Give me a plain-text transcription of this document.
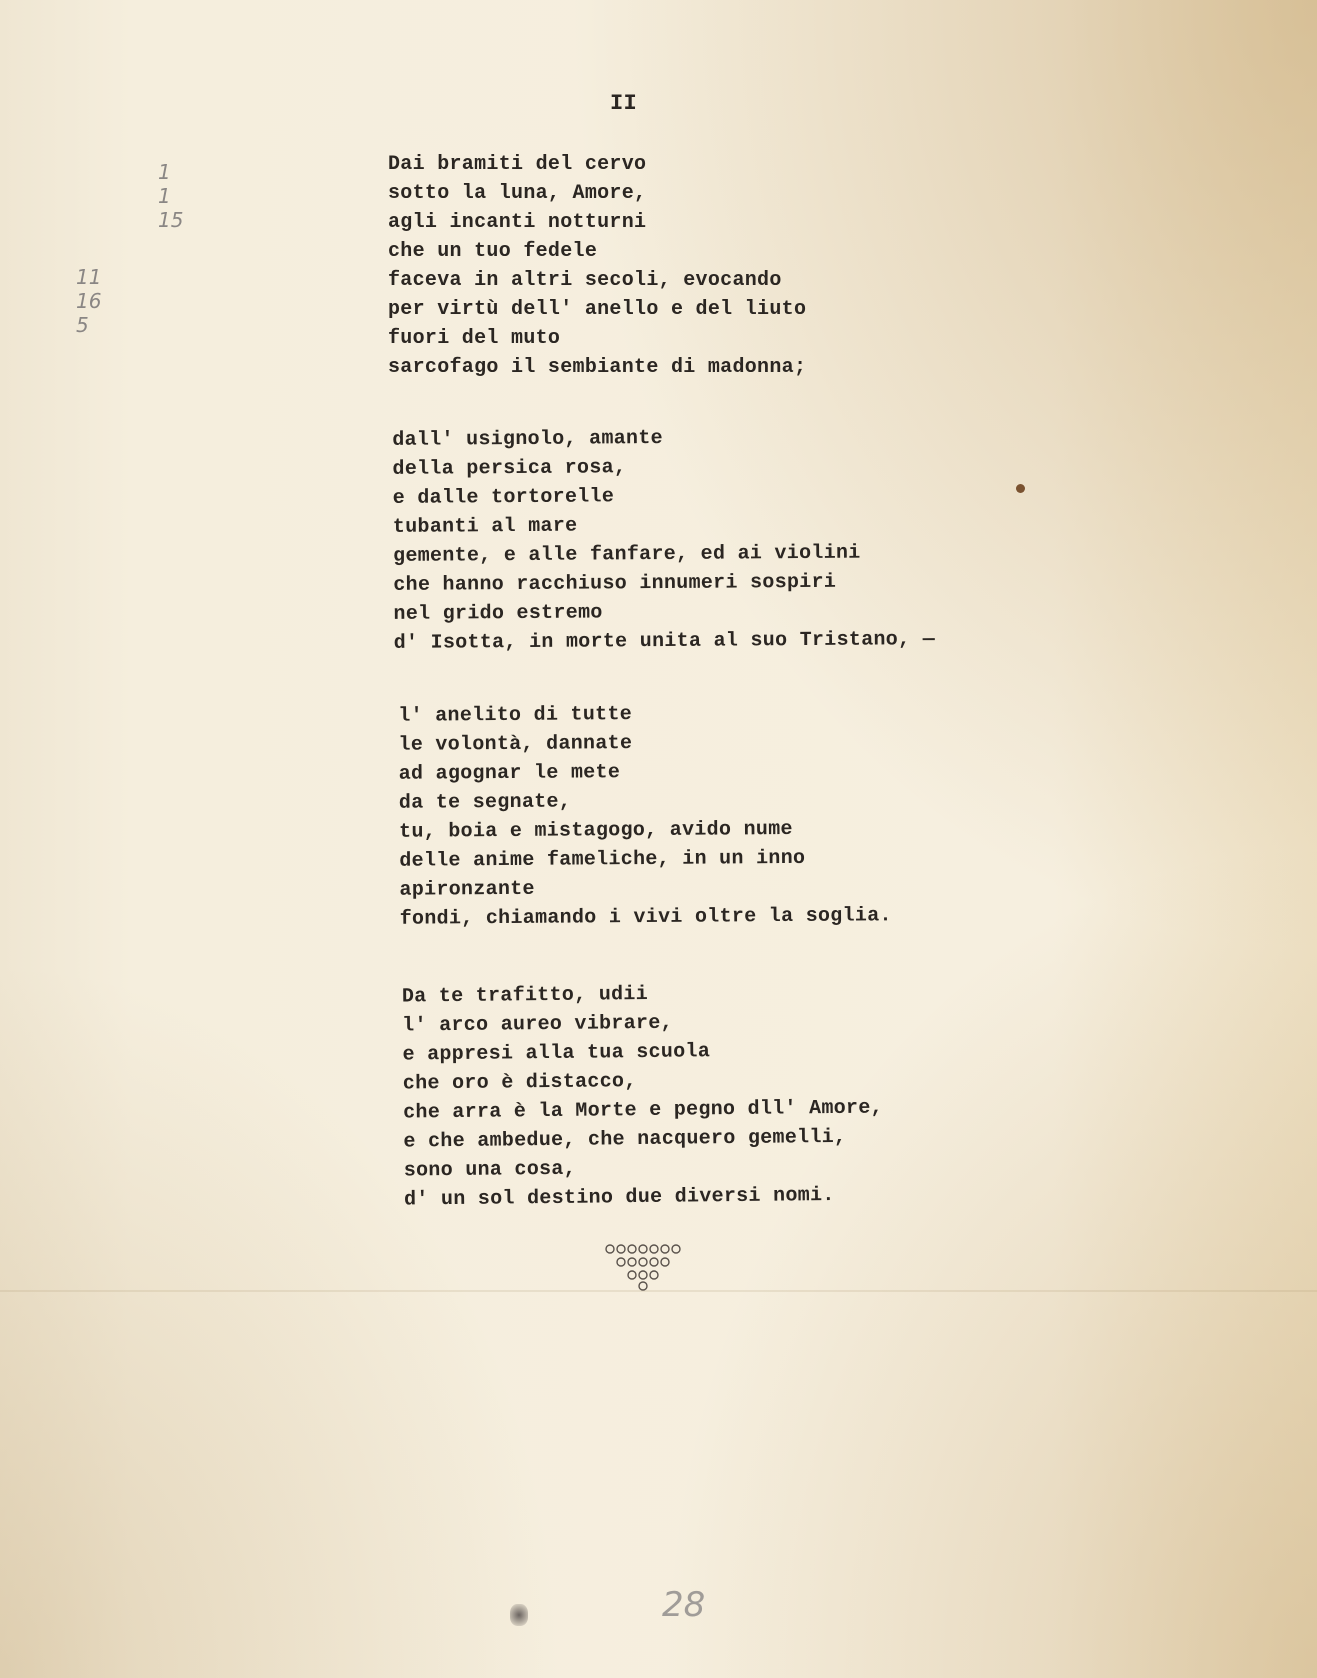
II
Dai bramiti del cervo
sotto la luna, Amore,
agli incanti notturni
che un tuo fedele
faceva in altri secoli, evocando
per virtù dell' anello e del liuto
fuori del muto
sarcofago il sembiante di madonna;
dall' usignolo, amante
della persica rosa,
e dalle tortorelle
tubanti al mare
gemente, e alle fanfare, ed ai violini
che hanno racchiuso innumeri sospiri
nel grido estremo
d' Isotta, in morte unita al suo Tristano, —
l' anelito di tutte
le volontà, dannate
ad agognar le mete
da te segnate,
tu, boia e mistagogo, avido nume
delle anime fameliche, in un inno
apironzante
fondi, chiamando i vivi oltre la soglia.
Da te trafitto, udii
l' arco aureo vibrare,
e appresi alla tua scuola
che oro è distacco,
che arra è la Morte e pegno dll' Amore,
e che ambedue, che nacquero gemelli,
sono una cosa,
d' un sol destino due diversi nomi.
1
1
15
11
16
5
28
